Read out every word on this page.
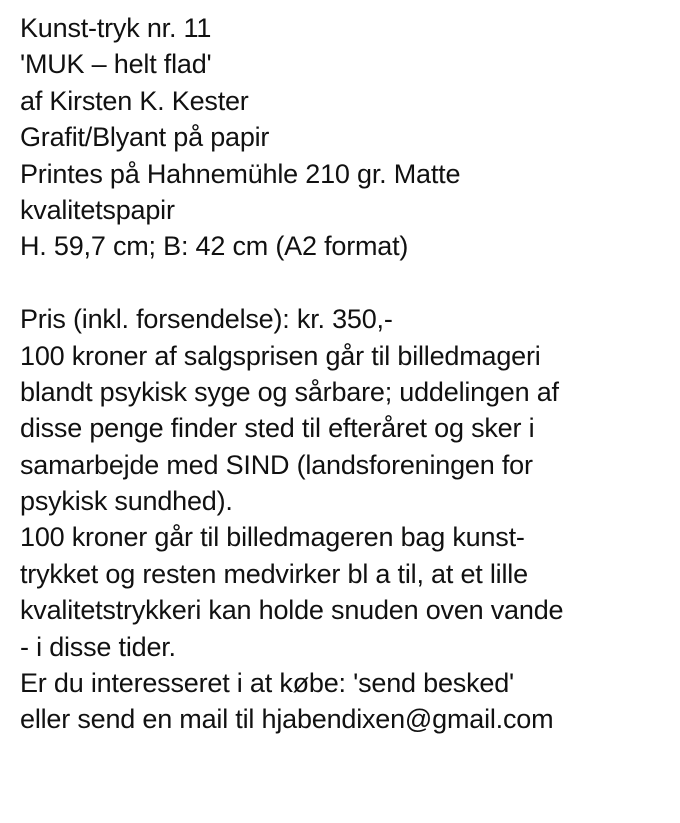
Kunst-tryk nr. 11
'MUK – helt flad'
af Kirsten K. Kester
Grafit/Blyant på papir
Printes på Hahnemühle 210 gr. Matte
kvalitetspapir
H. 59,7 cm; B: 42 cm (A2 format)
Pris (inkl. forsendelse): kr. 350,-
100 kroner af salgsprisen går til billedmageri
blandt psykisk syge og sårbare; uddelingen af
disse penge finder sted til efteråret og sker i
samarbejde med SIND (landsforeningen for
psykisk sundhed).
100 kroner går til billedmageren bag kunst-
trykket og resten medvirker bl a til, at et lille
kvalitetstrykkeri kan holde snuden oven vande
- i disse tider.
Er du interesseret i at købe: 'send besked'
eller send en mail til hjabendixen@gmail.com
